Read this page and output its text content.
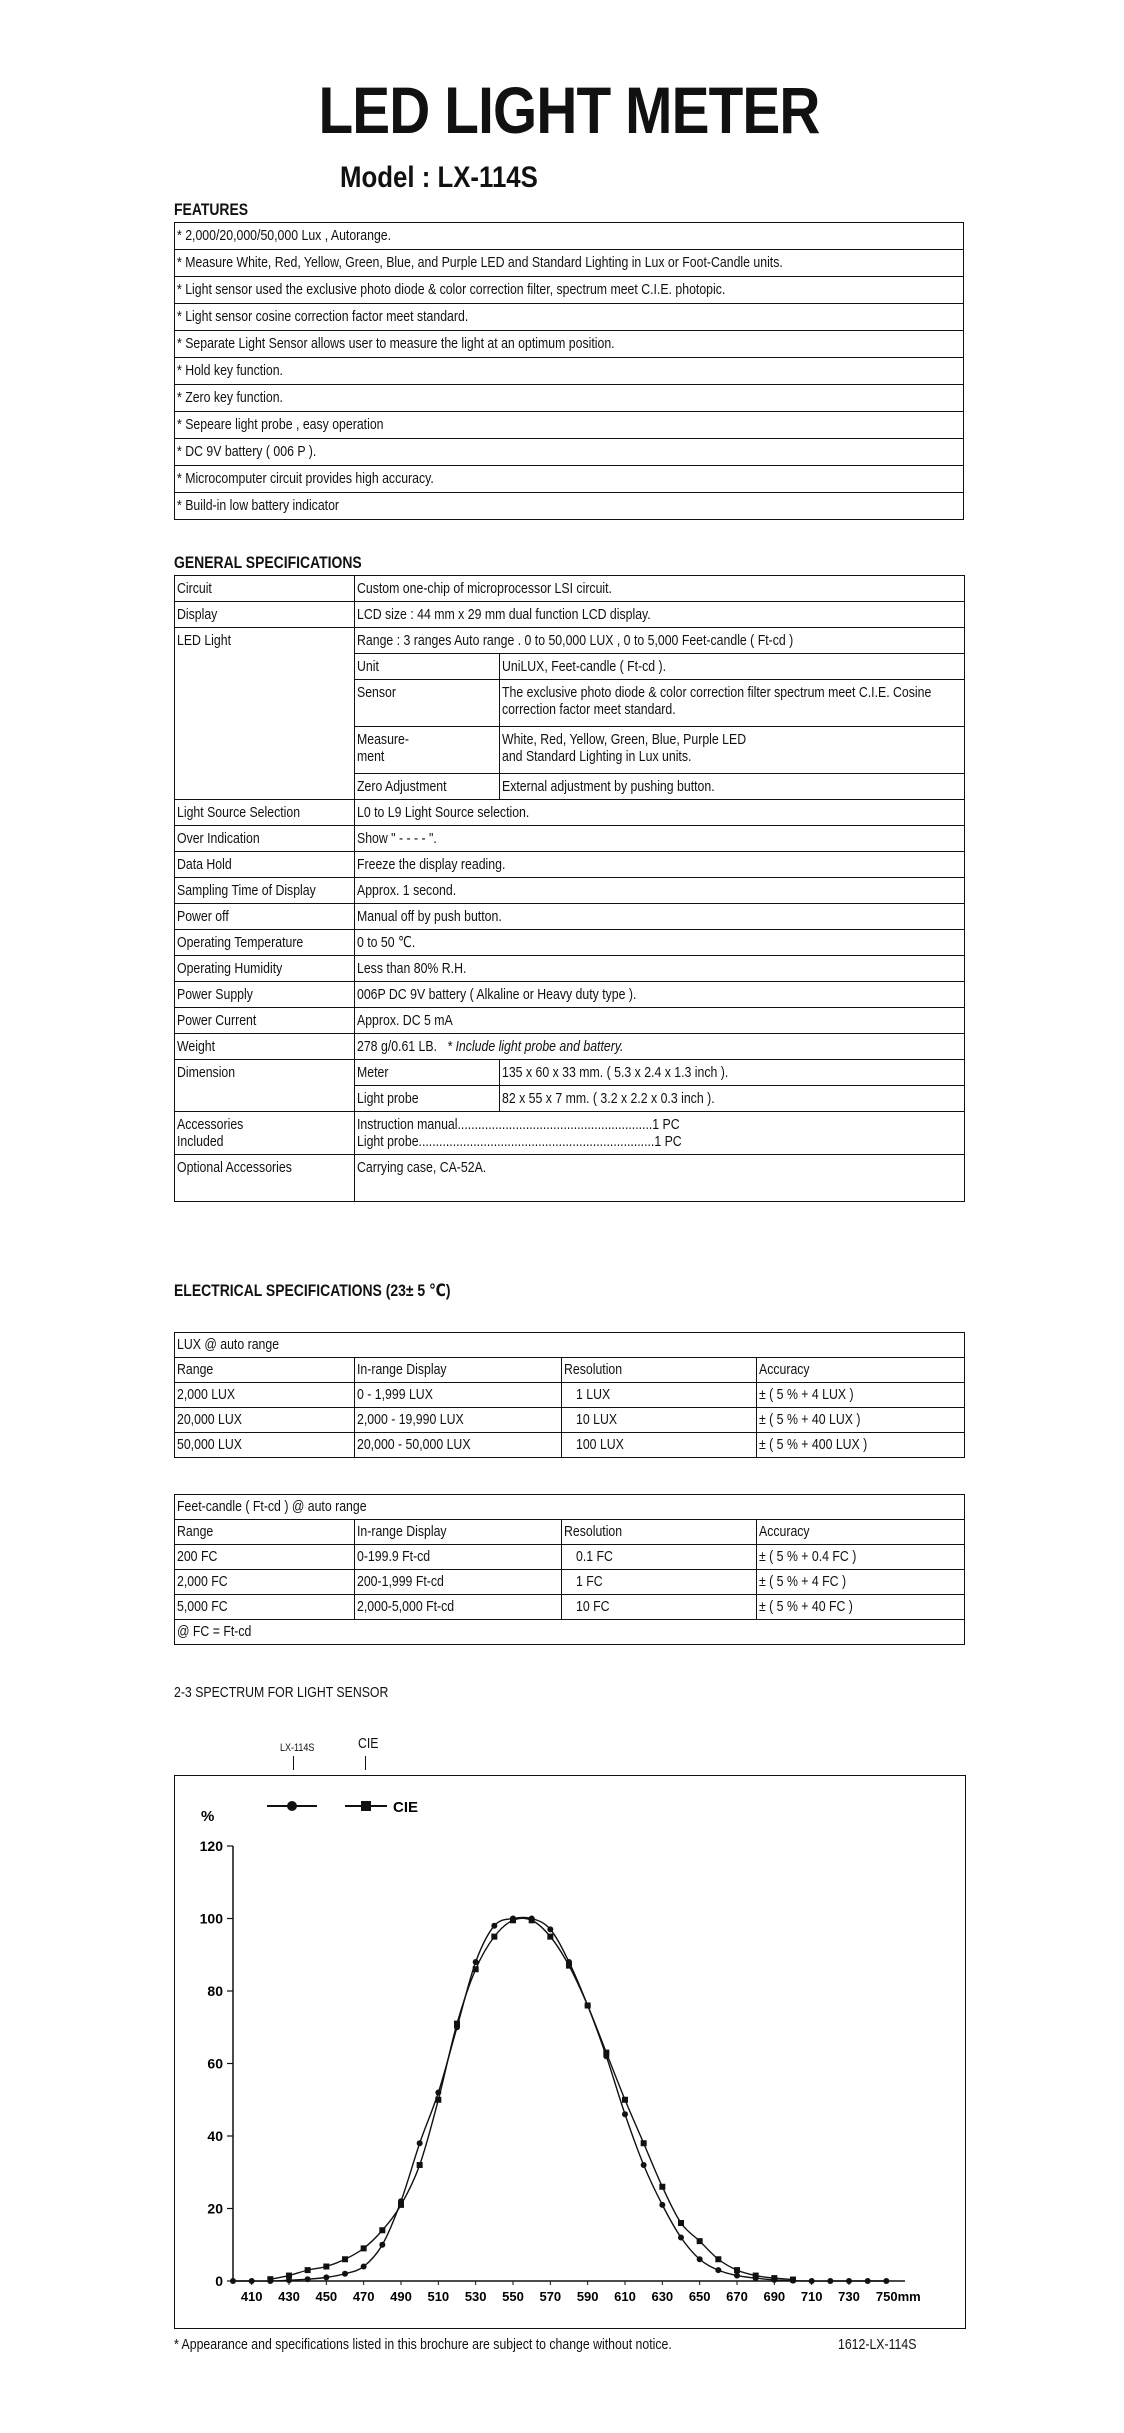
LED LIGHT METER
Model : LX-114S
FEATURES
* 2,000/20,000/50,000 Lux , Autorange.
* Measure White, Red, Yellow, Green, Blue, and Purple LED and Standard Lighting in Lux or Foot-Candle units.
* Light sensor used the exclusive photo diode & color correction filter, spectrum meet C.I.E. photopic.
* Light sensor cosine correction factor meet standard.
* Separate Light Sensor allows user to measure the light at an optimum position.
* Hold key function.
* Zero key function.
* Sepeare light probe , easy operation
* DC 9V battery ( 006 P ).
* Microcomputer circuit provides high accuracy.
* Build-in low battery indicator
GENERAL SPECIFICATIONS
Circuit	Custom one-chip of microprocessor LSI circuit.	
Display	LCD size : 44 mm x 29 mm dual function LCD display.	
LED Light	Range : 3 ranges Auto range . 0 to 50,000 LUX , 0 to 5,000 Feet-candle ( Ft-cd )	
	Unit	UniLUX, Feet-candle ( Ft-cd ).
	Sensor	The exclusive photo diode & color correction filter spectrum meet C.I.E. Cosine correction factor meet standard.
	Measure-ment	White, Red, Yellow, Green, Blue, Purple LED
and Standard Lighting in Lux units.
	Zero Adjustment	External adjustment by pushing button.
Light Source Selection	L0 to L9 Light Source selection.	
Over Indication	Show " - - - - ".	
Data Hold	Freeze the display reading.	
Sampling Time of Display	Approx. 1 second.	
Power off	Manual off by push button.	
Operating Temperature	0 to 50 ℃.	
Operating Humidity	Less than 80% R.H.	
Power Supply	006P DC 9V battery ( Alkaline or Heavy duty type ).	
Power Current	Approx. DC 5 mA	
Weight	278 g/0.61 LB. * Include light probe and battery.	
Dimension	Meter	135 x 60 x 33 mm. ( 5.3 x 2.4 x 1.3 inch ).
	Light probe	82 x 55 x 7 mm. ( 3.2 x 2.2 x 0.3 inch ).
Accessories
Included	Instruction manual.........................................................1 PC
Light probe.....................................................................1 PC	
Optional Accessories	Carrying case, CA-52A.	
ELECTRICAL SPECIFICATIONS (23± 5 ℃)
LUX @ auto range			
Range	In-range Display	Resolution	Accuracy
2,000 LUX	0 - 1,999 LUX	1 LUX	± ( 5 % + 4 LUX )
20,000 LUX	2,000 - 19,990 LUX	10 LUX	± ( 5 % + 40 LUX )
50,000 LUX	20,000 - 50,000 LUX	100 LUX	± ( 5 % + 400 LUX )
Feet-candle ( Ft-cd ) @ auto range			
Range	In-range Display	Resolution	Accuracy
200 FC	0-199.9 Ft-cd	0.1 FC	± ( 5 % + 0.4 FC )
2,000 FC	200-1,999 Ft-cd	1 FC	± ( 5 % + 4 FC )
5,000 FC	2,000-5,000 Ft-cd	10 FC	± ( 5 % + 40 FC )
@ FC = Ft-cd			
2-3 SPECTRUM FOR LIGHT SENSOR
LX-114S	CIE
0
20
40
60
80
100
120
%
410 430 450 470 490 510 530 550 570 590 610 630 650 670 690 710 730 750mm
CIE
* Appearance and specifications listed in this brochure are subject to change without notice.	1612-LX-114S
